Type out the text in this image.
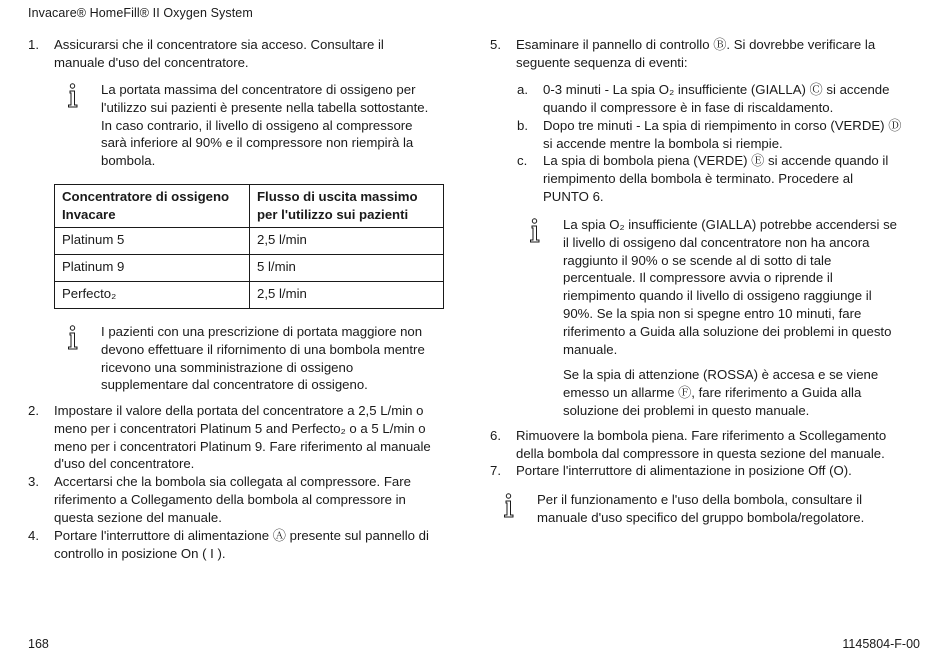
Invacare® HomeFill® II Oxygen System
168	1145804-F-00
1. Assicurarsi che il concentratore sia acceso. Consultare il manuale d'uso del concentratore.
La portata massima del concentratore di ossigeno per l'utilizzo sui pazienti è presente nella tabella sottostante. In caso contrario, il livello di ossigeno al compressore sarà inferiore al 90% e il compressore non riempirà la bombola.
Concentratore di ossigeno Invacare	Flusso di uscita massimo per l'utilizzo sui pazienti
Platinum 5	2,5 l/min
Platinum 9	5 l/min
Perfecto₂	2,5 l/min
I pazienti con una prescrizione di portata maggiore non devono effettuare il rifornimento di una bombola mentre ricevono una somministrazione di ossigeno supplementare dal concentratore di ossigeno.
2. Impostare il valore della portata del concentratore a 2,5 L/min o meno per i concentratori Platinum 5 and Perfecto₂ o a 5 L/min o meno per i concentratori Platinum 9. Fare riferimento al manuale d'uso del concentratore.
3. Accertarsi che la bombola sia collegata al compressore. Fare riferimento a Collegamento della bombola al compressore in questa sezione del manuale.
4. Portare l'interruttore di alimentazione Ⓐ presente sul pannello di controllo in posizione On ( I ).
5. Esaminare il pannello di controllo Ⓑ. Si dovrebbe verificare la seguente sequenza di eventi:
a. 0-3 minuti - La spia O₂ insufficiente (GIALLA) Ⓒ si accende quando il compressore è in fase di riscaldamento.
b. Dopo tre minuti - La spia di riempimento in corso (VERDE) Ⓓ si accende mentre la bombola si riempie.
c. La spia di bombola piena (VERDE) Ⓔ si accende quando il riempimento della bombola è terminato. Procedere al PUNTO 6.
La spia O₂ insufficiente (GIALLA) potrebbe accendersi se il livello di ossigeno dal concentratore non ha ancora raggiunto il 90% o se scende al di sotto di tale percentuale. Il compressore avvia o riprende il riempimento quando il livello di ossigeno raggiunge il 90%. Se la spia non si spegne entro 10 minuti, fare riferimento a Guida alla soluzione dei problemi in questo manuale.
Se la spia di attenzione (ROSSA) è accesa e se viene emesso un allarme Ⓕ, fare riferimento a Guida alla soluzione dei problemi in questo manuale.
6. Rimuovere la bombola piena. Fare riferimento a Scollegamento della bombola dal compressore in questa sezione del manuale.
7. Portare l'interruttore di alimentazione in posizione Off (O).
Per il funzionamento e l'uso della bombola, consultare il manuale d'uso specifico del gruppo bombola/regolatore.
